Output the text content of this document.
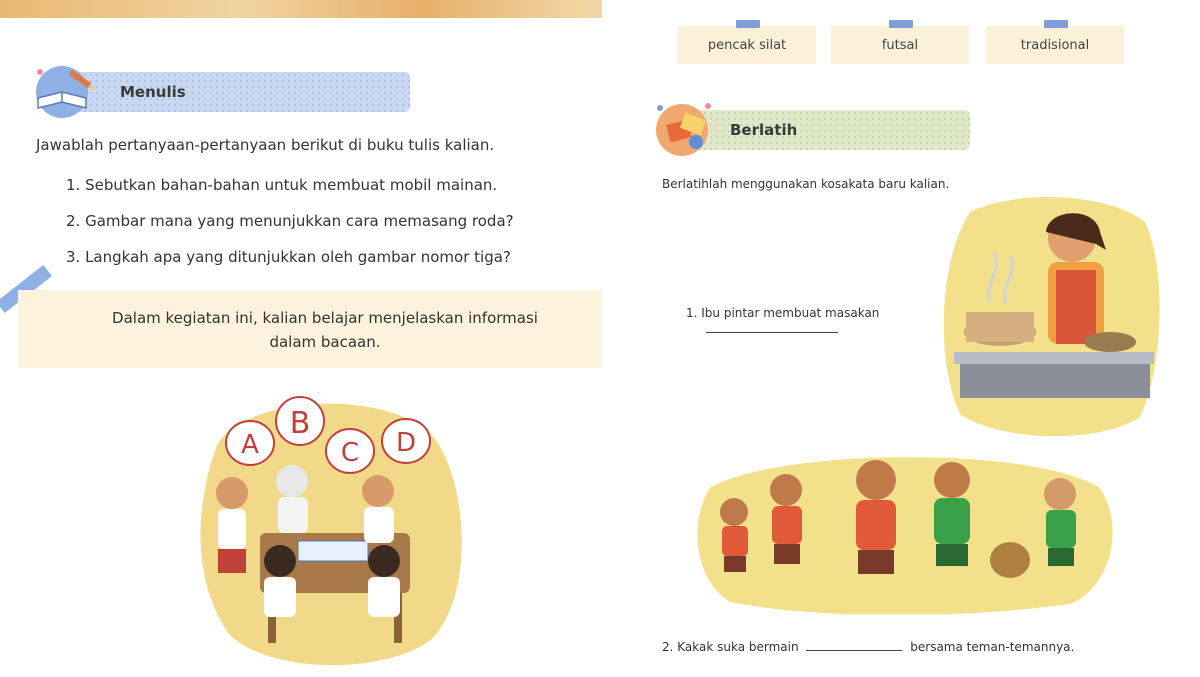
Menulis
Jawablah pertanyaan-pertanyaan berikut di buku tulis kalian.
1. Sebutkan bahan-bahan untuk membuat mobil mainan.
2. Gambar mana yang menunjukkan cara memasang roda?
3. Langkah apa yang ditunjukkan oleh gambar nomor tiga?
Dalam kegiatan ini, kalian belajar menjelaskan informasi
dalam bacaan.
A
B
C D
pencak silat	futsal	tradisional
Berlatih
Berlatihlah menggunakan kosakata baru kalian.
1. Ibu pintar membuat masakan
2. Kakak suka bermain	bersama teman-temannya.
